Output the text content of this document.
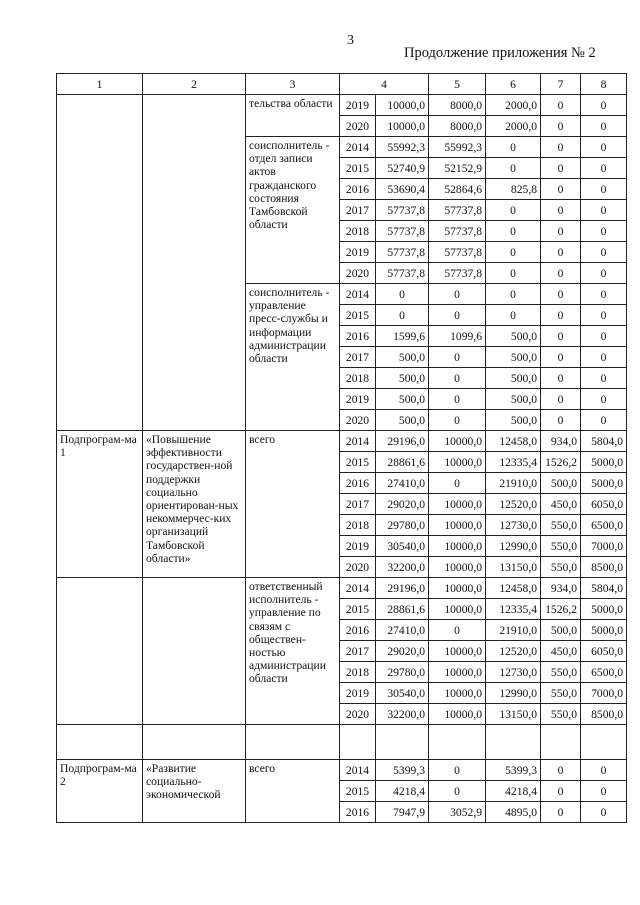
3
Продолжение приложения № 2
1	2	3	4		5	6	7	8
		тельства области	2019	10000,0	8000,0	2000,0	0	0
			2020	10000,0	8000,0	2000,0	0	0
		соисполнитель - отдел записи актов гражданского состояния Тамбовской области	2014	55992,3	55992,3	0	0	0
			2015	52740,9	52152,9	0	0	0
			2016	53690,4	52864,6	825,8	0	0
			2017	57737,8	57737,8	0	0	0
			2018	57737,8	57737,8	0	0	0
			2019	57737,8	57737,8	0	0	0
			2020	57737,8	57737,8	0	0	0
		соисполнитель - управление пресс-службы и информации администрации области	2014	0	0	0	0	0
			2015	0	0	0	0	0
			2016	1599,6	1099,6	500,0	0	0
			2017	500,0	0	500,0	0	0
			2018	500,0	0	500,0	0	0
			2019	500,0	0	500,0	0	0
			2020	500,0	0	500,0	0	0
Подпрограм-ма 1	«Повышение эффективности государствен-ной поддержки социально ориентирован-ных некоммерчес-ких организаций Тамбовской области»	всего	2014	29196,0	10000,0	12458,0	934,0	5804,0
			2015	28861,6	10000,0	12335,4	1526,2	5000,0
			2016	27410,0	0	21910,0	500,0	5000,0
			2017	29020,0	10000,0	12520,0	450,0	6050,0
			2018	29780,0	10000,0	12730,0	550,0	6500,0
			2019	30540,0	10000,0	12990,0	550,0	7000,0
			2020	32200,0	10000,0	13150,0	550,0	8500,0
		ответственный исполнитель - управление по связям с обществен-ностью администрации области	2014	29196,0	10000,0	12458,0	934,0	5804,0
			2015	28861,6	10000,0	12335,4	1526,2	5000,0
			2016	27410,0	0	21910,0	500,0	5000,0
			2017	29020,0	10000,0	12520,0	450,0	6050,0
			2018	29780,0	10000,0	12730,0	550,0	6500,0
			2019	30540,0	10000,0	12990,0	550,0	7000,0
			2020	32200,0	10000,0	13150,0	550,0	8500,0

Подпрограм-ма 2	«Развитие социально-экономической	всего	2014	5399,3	0	5399,3	0	0
			2015	4218,4	0	4218,4	0	0
			2016	7947,9	3052,9	4895,0	0	0
